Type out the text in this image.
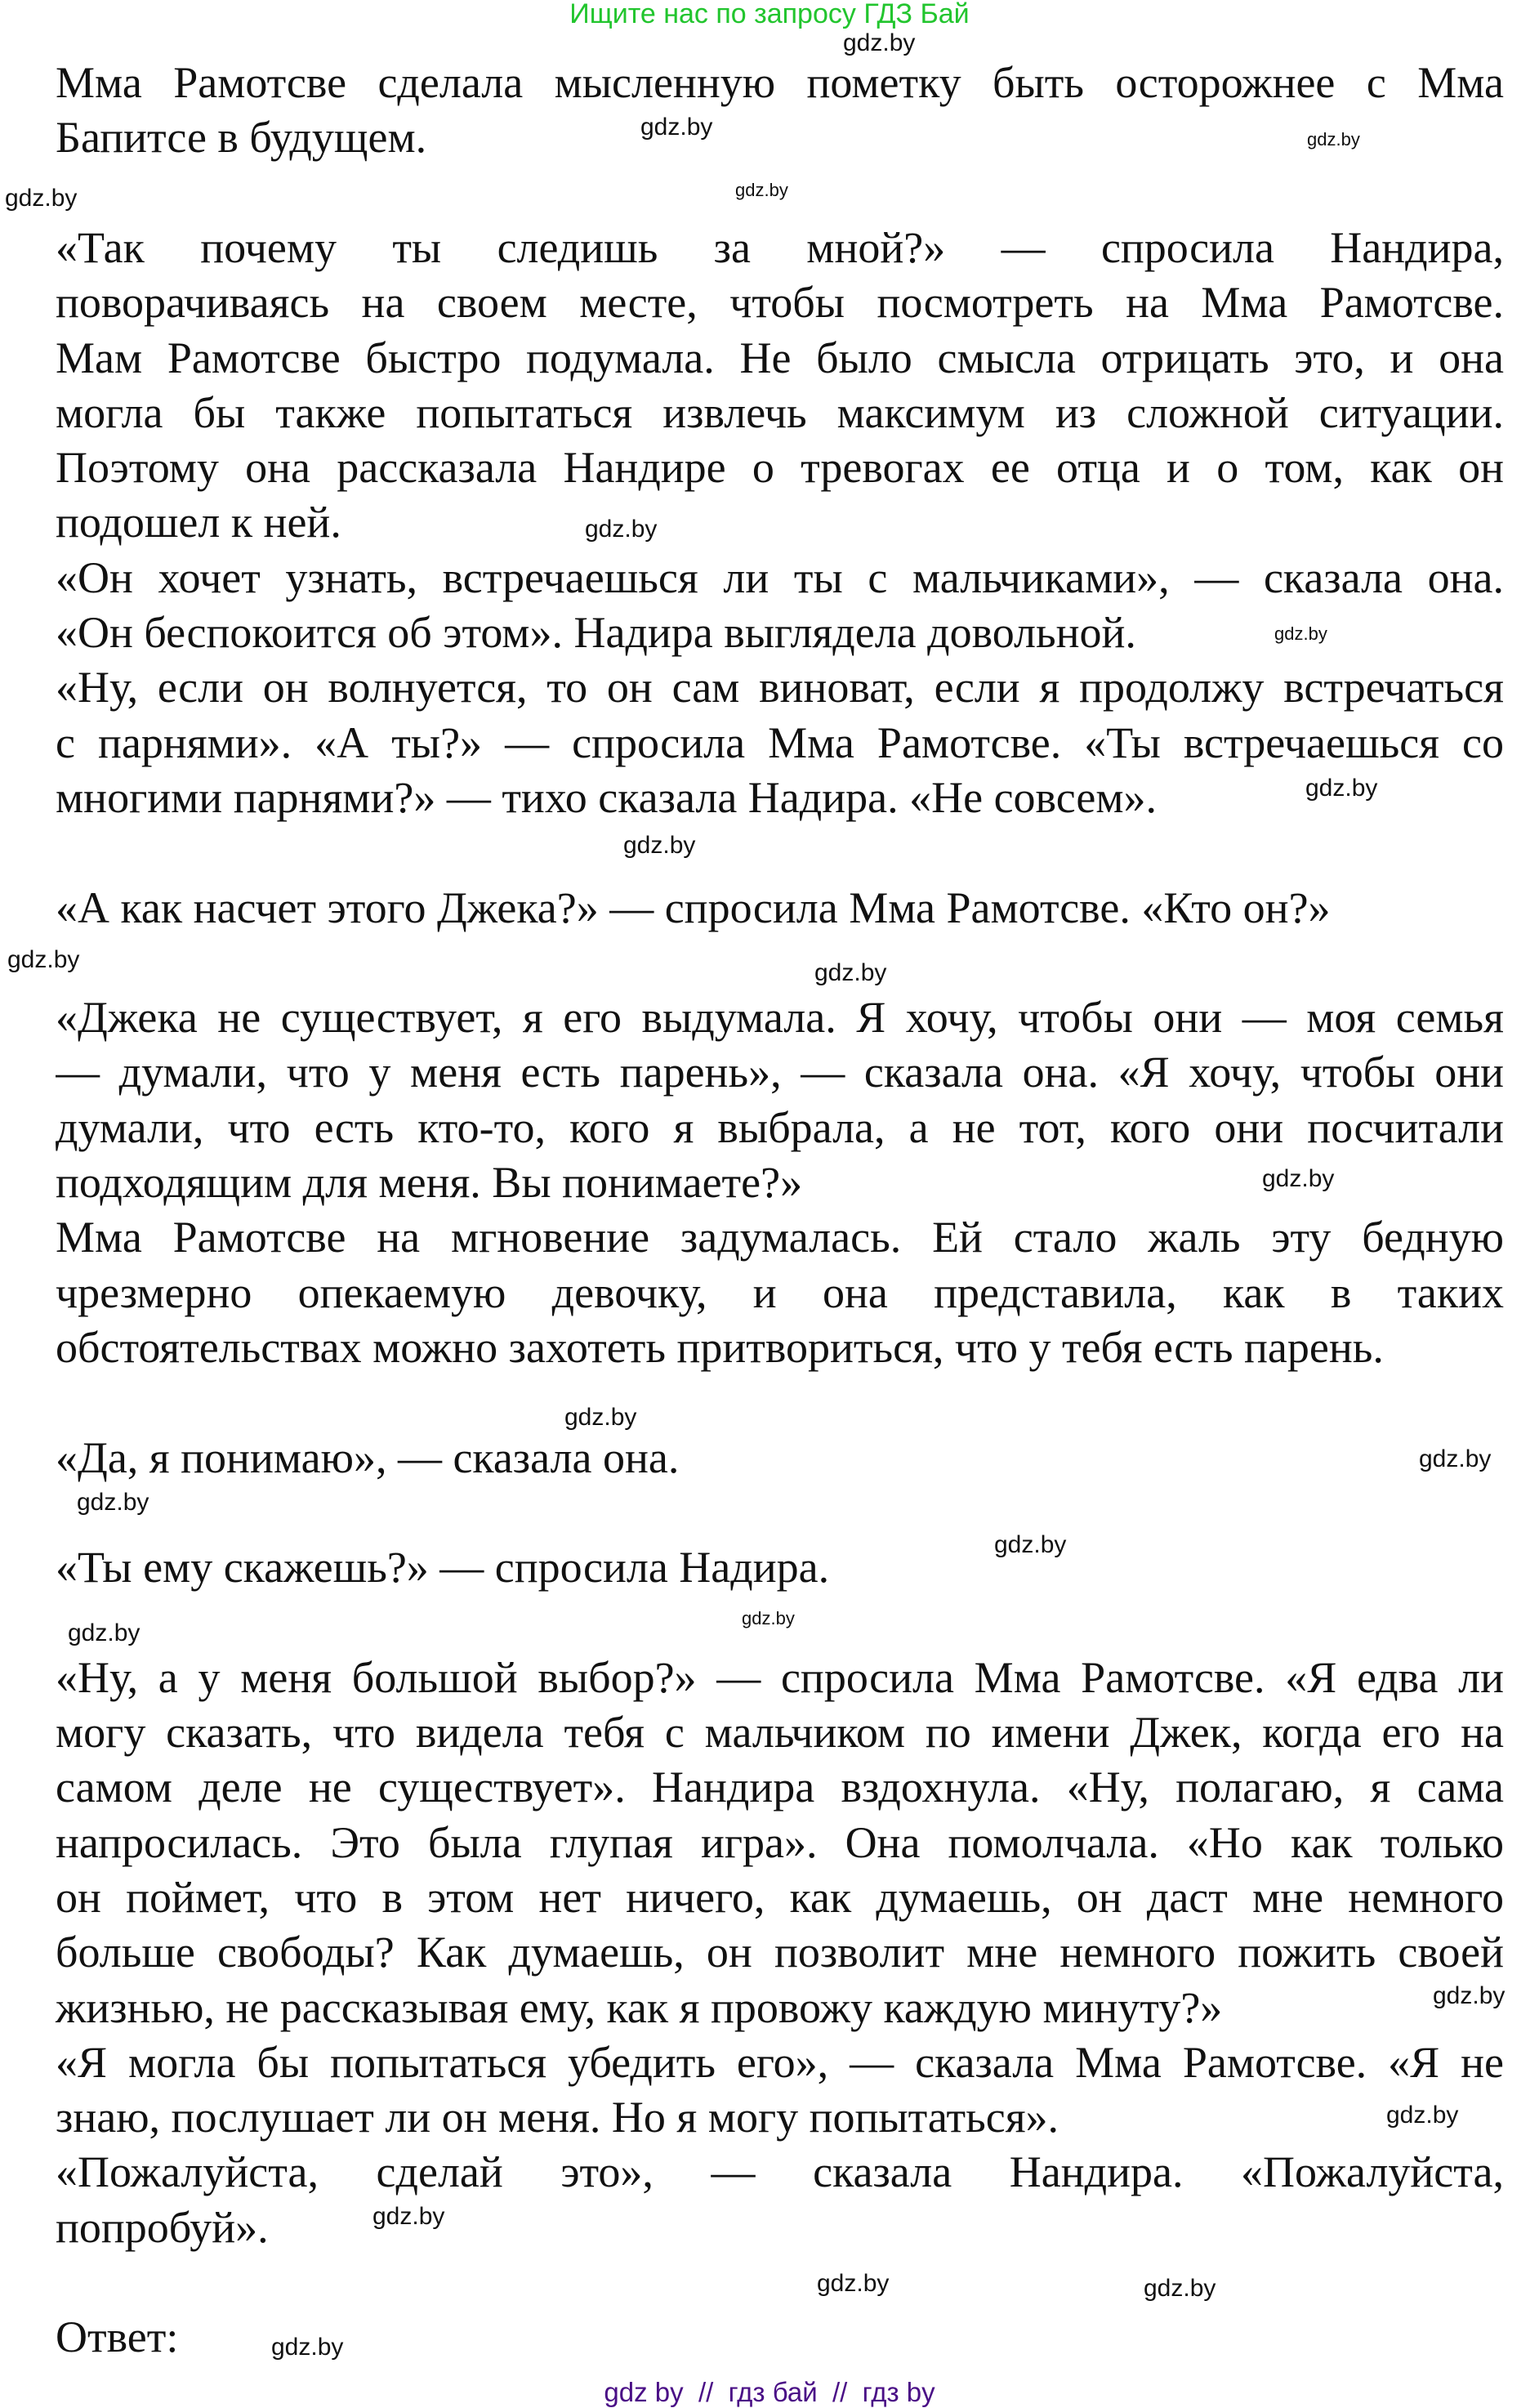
Ищите нас по запросу ГДЗ Бай
Мма Рамотсве сделала мысленную пометку быть осторожнее с Мма
Бапитсе в будущем.
«Так почему ты следишь за мной?» — спросила Нандира,
поворачиваясь на своем месте, чтобы посмотреть на Мма Рамотсве.
Мам Рамотсве быстро подумала. Не было смысла отрицать это, и она
могла бы также попытаться извлечь максимум из сложной ситуации.
Поэтому она рассказала Нандире о тревогах ее отца и о том, как он
подошел к ней.
«Он хочет узнать, встречаешься ли ты с мальчиками», — сказала она.
«Он беспокоится об этом». Надира выглядела довольной.
«Ну, если он волнуется, то он сам виноват, если я продолжу встречаться
с парнями». «А ты?» — спросила Мма Рамотсве. «Ты встречаешься со
многими парнями?» — тихо сказала Надира. «Не совсем».
«А как насчет этого Джека?» — спросила Мма Рамотсве. «Кто он?»
«Джека не существует, я его выдумала. Я хочу, чтобы они — моя семья
— думали, что у меня есть парень», — сказала она. «Я хочу, чтобы они
думали, что есть кто-то, кого я выбрала, а не тот, кого они посчитали
подходящим для меня. Вы понимаете?»
Мма Рамотсве на мгновение задумалась. Ей стало жаль эту бедную
чрезмерно опекаемую девочку, и она представила, как в таких
обстоятельствах можно захотеть притвориться, что у тебя есть парень.
«Да, я понимаю», — сказала она.
«Ты ему скажешь?» — спросила Надира.
«Ну, а у меня большой выбор?» — спросила Мма Рамотсве. «Я едва ли
могу сказать, что видела тебя с мальчиком по имени Джек, когда его на
самом деле не существует». Нандира вздохнула. «Ну, полагаю, я сама
напросилась. Это была глупая игра». Она помолчала. «Но как только
он поймет, что в этом нет ничего, как думаешь, он даст мне немного
больше свободы? Как думаешь, он позволит мне немного пожить своей
жизнью, не рассказывая ему, как я провожу каждую минуту?»
«Я могла бы попытаться убедить его», — сказала Мма Рамотсве. «Я не
знаю, послушает ли он меня. Но я могу попытаться».
«Пожалуйста, сделай это», — сказала Нандира. «Пожалуйста,
попробуй».
Ответ:
gdz.by
gdz.by
gdz.by
gdz.by
gdz.by
gdz.by
gdz.by
gdz.by
gdz.by
gdz.by
gdz.by
gdz.by
gdz.by
gdz.by
gdz.by
gdz.by
gdz.by
gdz.by
gdz.by
gdz.by
gdz.by
gdz.by
gdz.by
gdz.by
gdz by  //  гдз бай  //  гдз by
